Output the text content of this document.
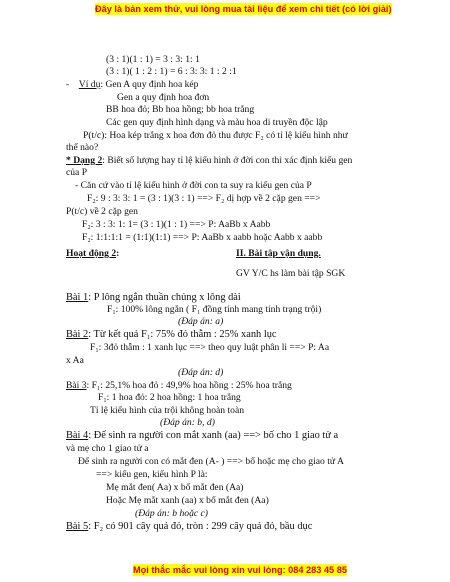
Đây là bản xem thử, vui lòng mua tài liệu để xem chi tiết (có lời giải)
(3 : 1)(1 : 1) = 3 : 3: 1: 1
(3 : 1)( 1 : 2 : 1) = 6 : 3: 3: 1 : 2 :1
- Ví dụ: Gen A quy định hoa kép
Gen a quy định hoa đơn
BB hoa đỏ; Bb hoa hồng; bb hoa trắng
Các gen quy định hình dạng và màu hoa di truyền độc lập
P(t/c): Hoa kép trắng x hoa đơn đỏ thu được F₂ có tỉ lệ kiểu hình như
thế nào?
* Dạng 2: Biết số lượng hay tỉ lệ kiểu hình ở đời con thì xác định kiểu gen
của P
- Căn cứ vào tỉ lệ kiểu hình ở đời con ta suy ra kiểu gen của P
F₂: 9 : 3: 3: 1 = (3 : 1)(3 : 1) ==> F₂ dị hợp về 2 cặp gen ==>
P(t/c) về 2 cặp gen
F₂: 3 : 3: 1: 1= (3 : 1)(1 : 1) ==> P: AaBb x Aabb
F₂: 1:1:1:1 = (1:1)(1:1) ==> P: AaBb x aabb hoặc Aabb x aabb
Hoạt động 2:	II. Bài tập vận dụng.
GV Y/C hs làm bài tập SGK
Bài 1: P lông ngắn thuần chủng x lông dài
F₁: 100% lông ngắn ( F₁ đồng tính mang tính trạng trội)
(Đáp án: a)
Bài 2: Từ kết quả F₁: 75% đỏ thẫm : 25% xanh lục
F₁: 3đỏ thẫm : 1 xanh lục ==> theo quy luật phân li ==> P: Aa
x Aa
(Đáp án: d)
Bài 3: F₁: 25,1% hoa đỏ : 49,9% hoa hồng : 25% hoa trắng
F₁: 1 hoa đỏ: 2 hoa hồng: 1 hoa trắng
Tỉ lệ kiểu hình của trội không hoàn toàn
(Đáp án: b, d)
Bài 4: Để sinh ra người con mắt xanh (aa) ==> bố cho 1 giao tử a
và mẹ cho 1 giao tử a
Để sinh ra người con có mắt đen (A- ) ==> bố hoặc mẹ cho giao tử A
==> kiểu gen, kiểu hình P là:
Mẹ mắt đen( Aa) x bố mắt đen (Aa)
Hoặc Mẹ mắt xanh (aa) x bố mắt đen (Aa)
(Đáp án: b hoặc c)
Bài 5: F₂ có 901 cây quả đỏ, tròn : 299 cây quả đỏ, bầu dục
Mọi thắc mắc vui lòng xin vui lòng: 084 283 45 85
